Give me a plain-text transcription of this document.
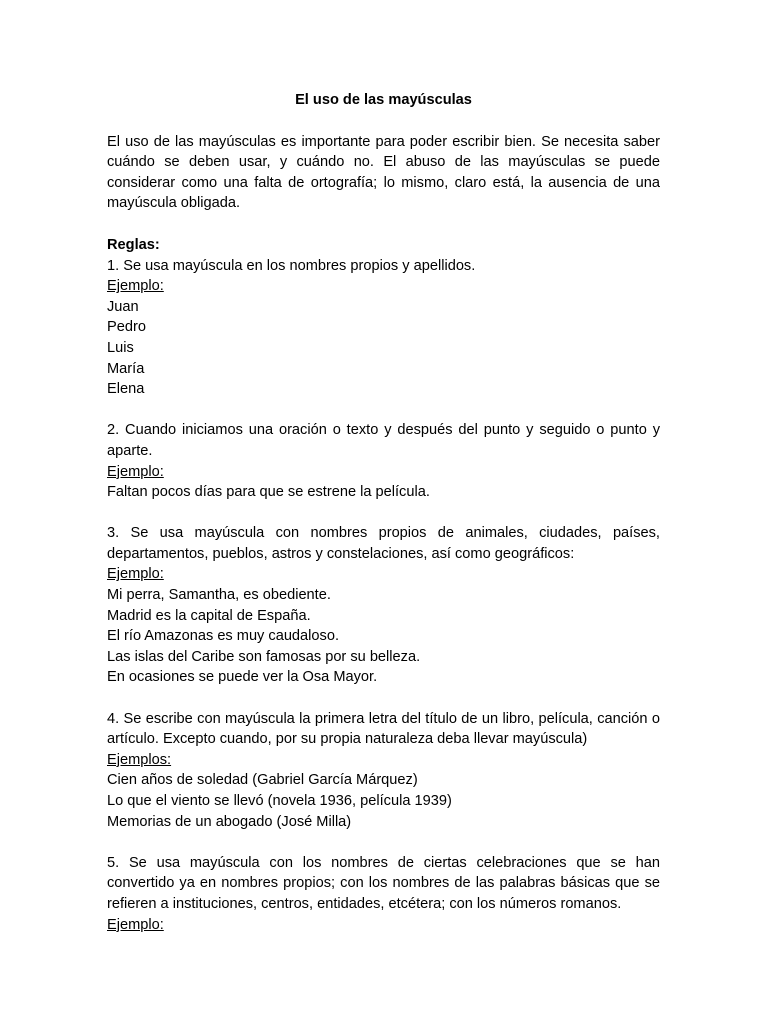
El uso de las mayúsculas

El uso de las mayúsculas es importante para poder escribir bien. Se necesita saber cuándo se deben usar, y cuándo no. El abuso de las mayúsculas se puede considerar como una falta de ortografía; lo mismo, claro está, la ausencia de una mayúscula obligada.

Reglas:

1. Se usa mayúscula en los nombres propios y apellidos.

Ejemplo:

Juan

Pedro

Luis

María

Elena

2. Cuando iniciamos una oración o texto y después del punto y seguido o punto y aparte.

Ejemplo:

Faltan pocos días para que se estrene la película.

3. Se usa mayúscula con nombres propios de animales, ciudades, países, departamentos, pueblos, astros y constelaciones, así como geográficos:

Ejemplo:

Mi perra, Samantha, es obediente.

Madrid es la capital de España.

El río Amazonas es muy caudaloso.

Las islas del Caribe son famosas por su belleza.

En ocasiones se puede ver la Osa Mayor.

4. Se escribe con mayúscula la primera letra del título de un libro, película, canción o artículo. Excepto cuando, por su propia naturaleza deba llevar mayúscula)

Ejemplos:

Cien años de soledad (Gabriel García Márquez)

Lo que el viento se llevó (novela 1936, película 1939)

Memorias de un abogado (José Milla)

5. Se usa mayúscula con los nombres de ciertas celebraciones que se han convertido ya en nombres propios; con los nombres de las palabras básicas que se refieren a instituciones, centros, entidades, etcétera; con los números romanos.

Ejemplo:
